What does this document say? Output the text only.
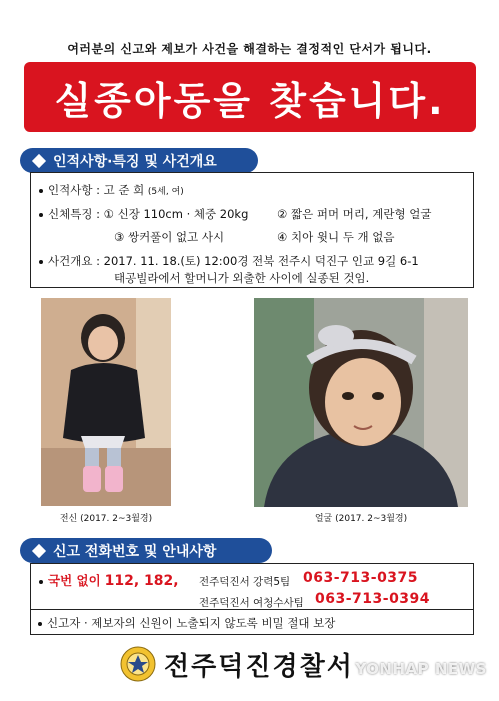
여러분의 신고와 제보가 사건을 해결하는 결정적인 단서가 됩니다.
실종아동을 찾습니다.
인적사항·특징 및 사건개요
인적사항 : 고 준 희 (5세, 여)
신체특징 : ① 신장 110cm · 체중 20kg ② 짧은 퍼머 머리, 계란형 얼굴
③ 쌍커풀이 없고 사시	④ 치아 윗니 두 개 없음
사건개요 : 2017. 11. 18.(토) 12:00경 전북 전주시 덕진구 인교 9길 6-1
태공빌라에서 할머니가 외출한 사이에 실종된 것임.
전신 (2017. 2~3월경)	얼굴 (2017. 2~3월경)
신고 전화번호 및 안내사항
국번 없이 112, 182, 전주덕진서 강력5팀 063-713-0375
전주덕진서 여청수사팀 063-713-0394
신고자 · 제보자의 신원이 노출되지 않도록 비밀 절대 보장
전주덕진경찰서 YONHAP NEWS
